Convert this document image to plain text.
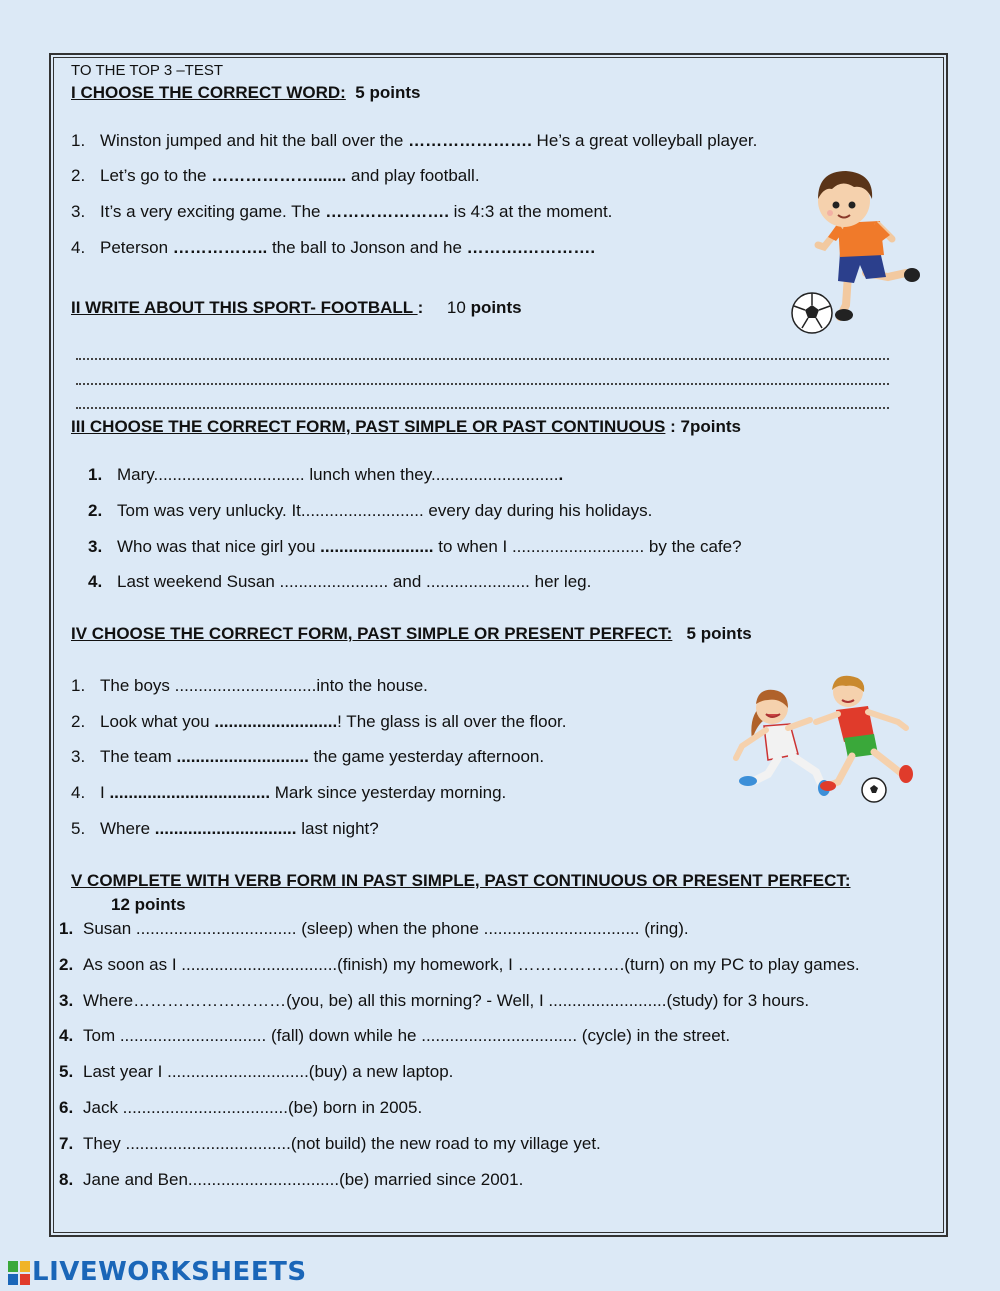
TO THE TOP 3 –TEST
I CHOOSE THE CORRECT WORD: 5 points
1. Winston jumped and hit the ball over the …………………. He’s a great volleyball player.
2. Let’s go to the ………………....... and play football.
3. It’s a very exciting game. The …………………. is 4:3 at the moment.
4. Peterson …………….. the ball to Jonson and he ……….………….
II WRITE ABOUT THIS SPORT- FOOTBALL : 10 points
III CHOOSE THE CORRECT FORM, PAST SIMPLE OR PAST CONTINUOUS : 7points
1. Mary................................ lunch when they............................
2. Tom was very unlucky. It.......................... every day during his holidays.
3. Who was that nice girl you ........................ to when I ............................ by the cafe?
4. Last weekend Susan ....................... and ...................... her leg.
IV CHOOSE THE CORRECT FORM, PAST SIMPLE OR PRESENT PERFECT: 5 points
1. The boys ..............................into the house.
2. Look what you ..........................! The glass is all over the floor.
3. The team ............................ the game yesterday afternoon.
4. I .................................. Mark since yesterday morning.
5. Where .............................. last night?
V COMPLETE WITH VERB FORM IN PAST SIMPLE, PAST CONTINUOUS OR PRESENT PERFECT:
12 points
1. Susan .................................. (sleep) when the phone ................................. (ring).
2. As soon as I .................................(finish) my homework, I ……………….(turn) on my PC to play games.
3. Where………………………(you, be) all this morning? - Well, I .........................(study) for 3 hours.
4. Tom ............................... (fall) down while he ................................. (cycle) in the street.
5. Last year I ..............................(buy) a new laptop.
6. Jack ...................................(be) born in 2005.
7. They ...................................(not build) the new road to my village yet.
8. Jane and Ben................................(be) married since 2001.
LIVEWORKSHEETS
